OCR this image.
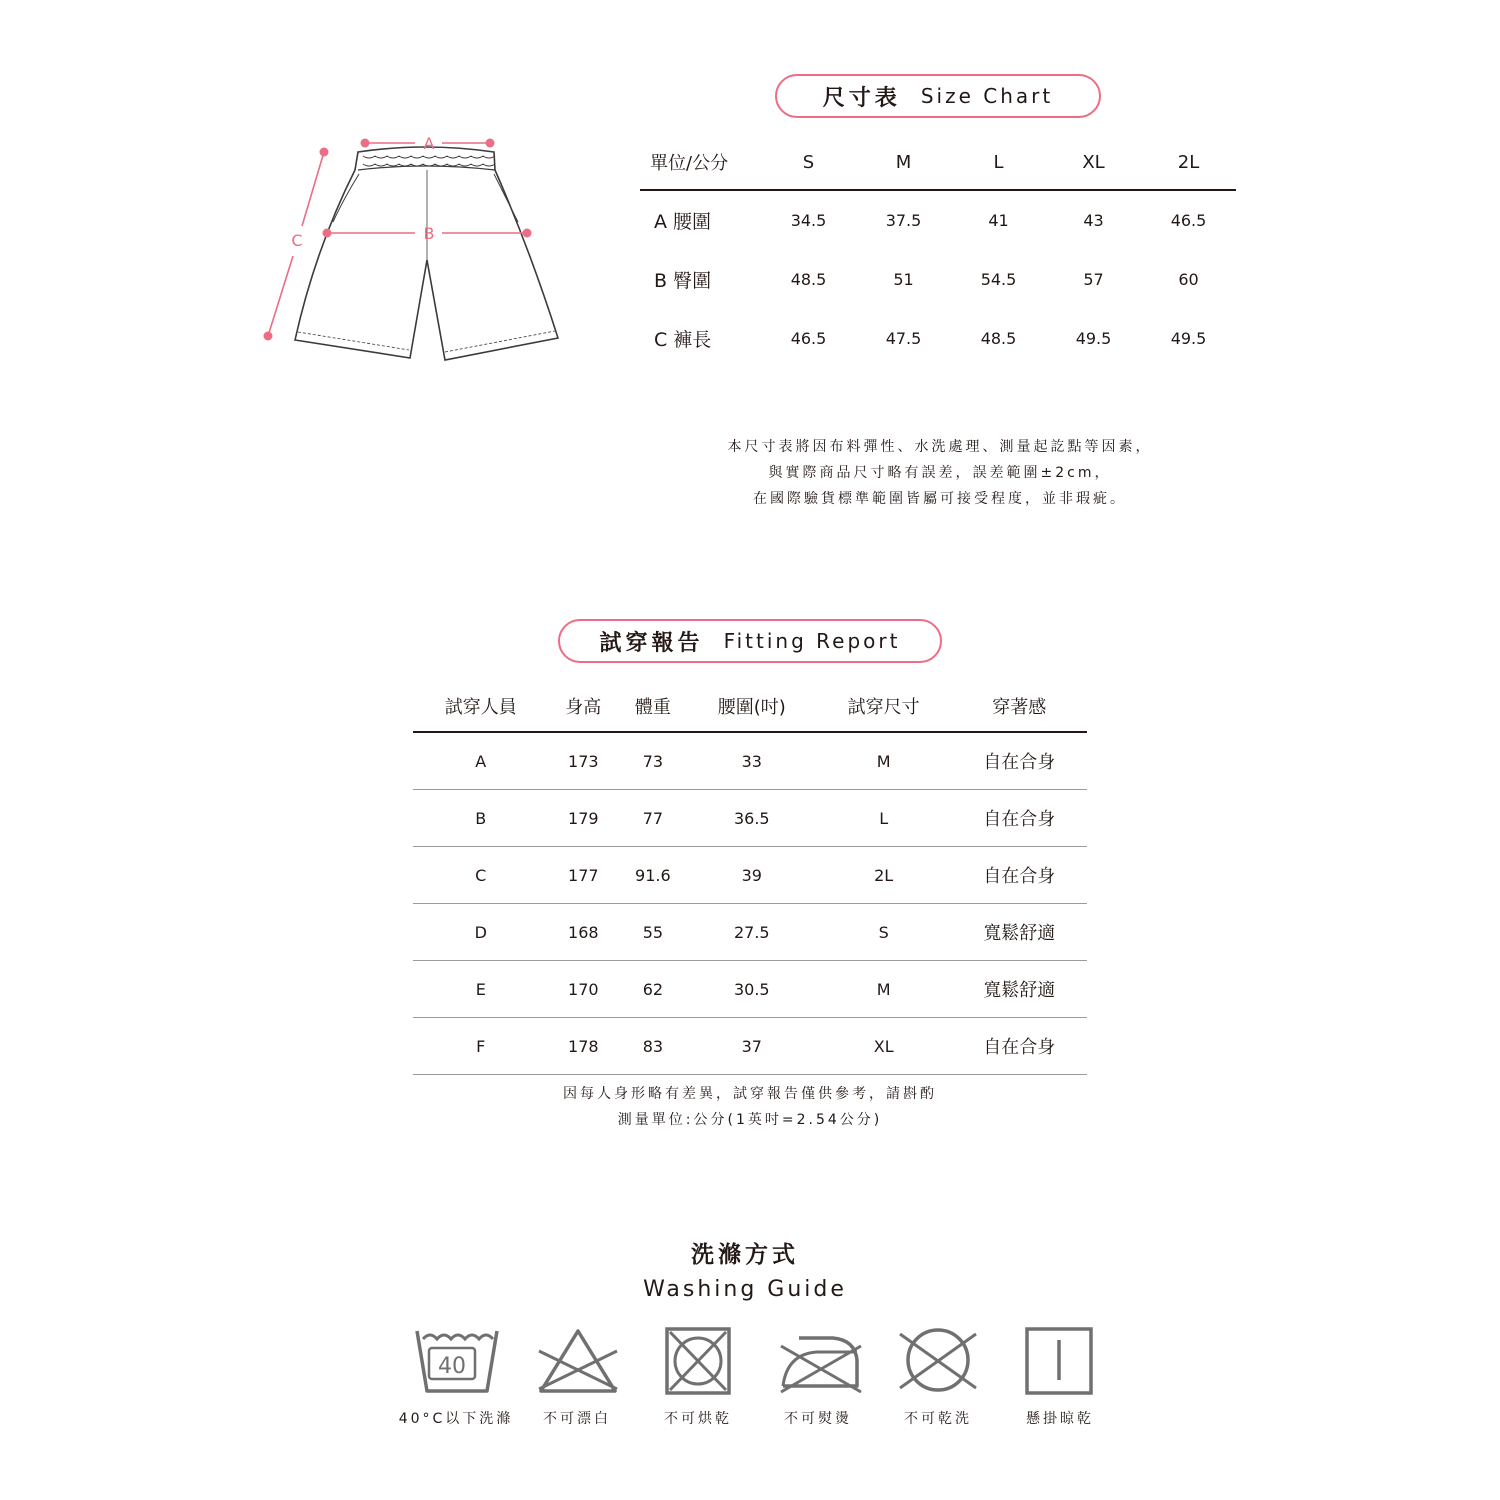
尺寸表 Size Chart
A
B
C
單位/公分	S	M	L	XL	2L
A 腰圍	34.5	37.5	41	43	46.5
B 臀圍	48.5	51	54.5	57	60
C 褲長	46.5	47.5	48.5	49.5	49.5
本尺寸表將因布料彈性、水洗處理、測量起訖點等因素，
與實際商品尺寸略有誤差，誤差範圍±2cm，
在國際驗貨標準範圍皆屬可接受程度，並非瑕疵。
試穿報告 Fitting Report
試穿人員	身高	體重	腰圍(吋)	試穿尺寸	穿著感
A	173	73	33	M	自在合身
B	179	77	36.5	L	自在合身
C	177	91.6	39	2L	自在合身
D	168	55	27.5	S	寬鬆舒適
E	170	62	30.5	M	寬鬆舒適
F	178	83	37	XL	自在合身
因每人身形略有差異，試穿報告僅供參考，請斟酌
測量單位:公分(1英吋=2.54公分)
洗滌方式
Washing Guide
40
40°C以下洗滌	不可漂白	不可烘乾	不可熨燙	不可乾洗	懸掛晾乾
